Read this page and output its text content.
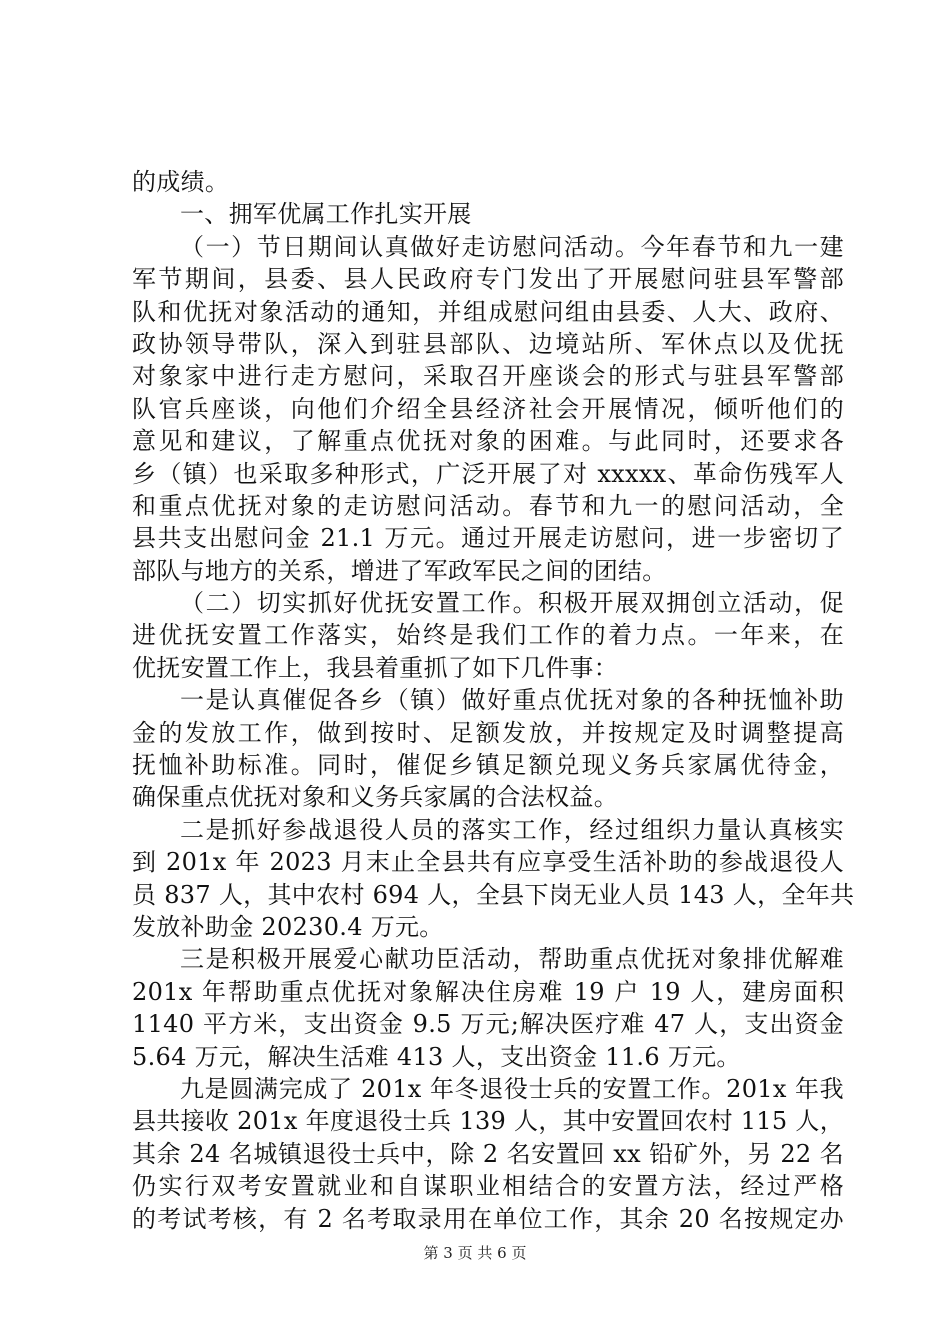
的成绩。
一、拥军优属工作扎实开展
（一）节日期间认真做好走访慰问活动。今年春节和九一建
军节期间，县委、县人民政府专门发出了开展慰问驻县军警部
队和优抚对象活动的通知，并组成慰问组由县委、人大、政府、
政协领导带队，深入到驻县部队、边境站所、军休点以及优抚
对象家中进行走方慰问，采取召开座谈会的形式与驻县军警部
队官兵座谈，向他们介绍全县经济社会开展情况，倾听他们的
意见和建议，了解重点优抚对象的困难。与此同时，还要求各
乡（镇）也采取多种形式，广泛开展了对 xxxxx、革命伤残军人
和重点优抚对象的走访慰问活动。春节和九一的慰问活动，全
县共支出慰问金 21.1 万元。通过开展走访慰问，进一步密切了
部队与地方的关系，增进了军政军民之间的团结。
（二）切实抓好优抚安置工作。积极开展双拥创立活动，促
进优抚安置工作落实，始终是我们工作的着力点。一年来，在
优抚安置工作上，我县着重抓了如下几件事：
一是认真催促各乡（镇）做好重点优抚对象的各种抚恤补助
金的发放工作，做到按时、足额发放，并按规定及时调整提高
抚恤补助标准。同时，催促乡镇足额兑现义务兵家属优待金，
确保重点优抚对象和义务兵家属的合法权益。
二是抓好参战退役人员的落实工作，经过组织力量认真核实
到 201x 年 2023 月末止全县共有应享受生活补助的参战退役人
员 837 人，其中农村 694 人，全县下岗无业人员 143 人，全年共
发放补助金 20230.4 万元。
三是积极开展爱心献功臣活动，帮助重点优抚对象排优解难
201x 年帮助重点优抚对象解决住房难 19 户 19 人，建房面积
1140 平方米，支出资金 9.5 万元;解决医疗难 47 人，支出资金
5.64 万元，解决生活难 413 人，支出资金 11.6 万元。
九是圆满完成了 201x 年冬退役士兵的安置工作。201x 年我
县共接收 201x 年度退役士兵 139 人，其中安置回农村 115 人，
其余 24 名城镇退役士兵中，除 2 名安置回 xx 铅矿外，另 22 名
仍实行双考安置就业和自谋职业相结合的安置方法，经过严格
的考试考核，有 2 名考取录用在单位工作，其余 20 名按规定办
第 3 页 共 6 页
